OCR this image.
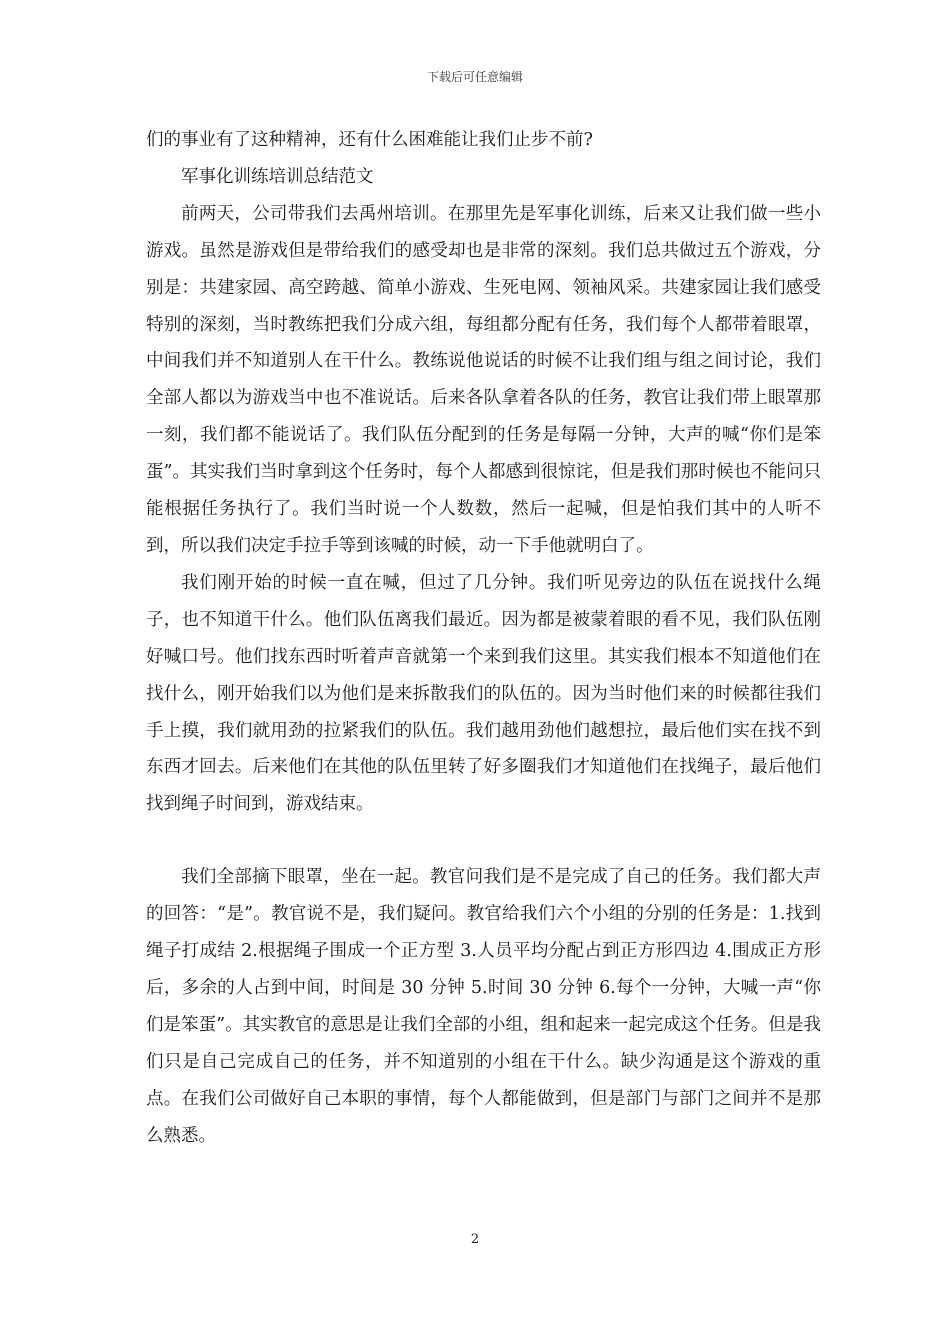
下载后可任意编辑

们的事业有了这种精神，还有什么困难能让我们止步不前?

军事化训练培训总结范文

前两天，公司带我们去禹州培训。在那里先是军事化训练，后来又让我们做一些小游戏。虽然是游戏但是带给我们的感受却也是非常的深刻。我们总共做过五个游戏，分别是：共建家园、高空跨越、简单小游戏、生死电网、领袖风采。共建家园让我们感受特别的深刻，当时教练把我们分成六组，每组都分配有任务，我们每个人都带着眼罩，中间我们并不知道别人在干什么。教练说他说话的时候不让我们组与组之间讨论，我们全部人都以为游戏当中也不准说话。后来各队拿着各队的任务，教官让我们带上眼罩那一刻，我们都不能说话了。我们队伍分配到的任务是每隔一分钟，大声的喊“你们是笨蛋”。其实我们当时拿到这个任务时，每个人都感到很惊诧，但是我们那时候也不能问只能根据任务执行了。我们当时说一个人数数，然后一起喊，但是怕我们其中的人听不到，所以我们决定手拉手等到该喊的时候，动一下手他就明白了。

我们刚开始的时候一直在喊，但过了几分钟。我们听见旁边的队伍在说找什么绳子，也不知道干什么。他们队伍离我们最近。因为都是被蒙着眼的看不见，我们队伍刚好喊口号。他们找东西时听着声音就第一个来到我们这里。其实我们根本不知道他们在找什么，刚开始我们以为他们是来拆散我们的队伍的。因为当时他们来的时候都往我们手上摸，我们就用劲的拉紧我们的队伍。我们越用劲他们越想拉，最后他们实在找不到东西才回去。后来他们在其他的队伍里转了好多圈我们才知道他们在找绳子，最后他们找到绳子时间到，游戏结束。

我们全部摘下眼罩，坐在一起。教官问我们是不是完成了自己的任务。我们都大声的回答：“是”。教官说不是，我们疑问。教官给我们六个小组的分别的任务是：1.找到绳子打成结 2.根据绳子围成一个正方型 3.人员平均分配占到正方形四边 4.围成正方形后，多余的人占到中间，时间是 30 分钟 5.时间 30 分钟 6.每个一分钟，大喊一声“你们是笨蛋”。其实教官的意思是让我们全部的小组，组和起来一起完成这个任务。但是我们只是自己完成自己的任务，并不知道别的小组在干什么。缺少沟通是这个游戏的重点。在我们公司做好自己本职的事情，每个人都能做到，但是部门与部门之间并不是那么熟悉。

2
